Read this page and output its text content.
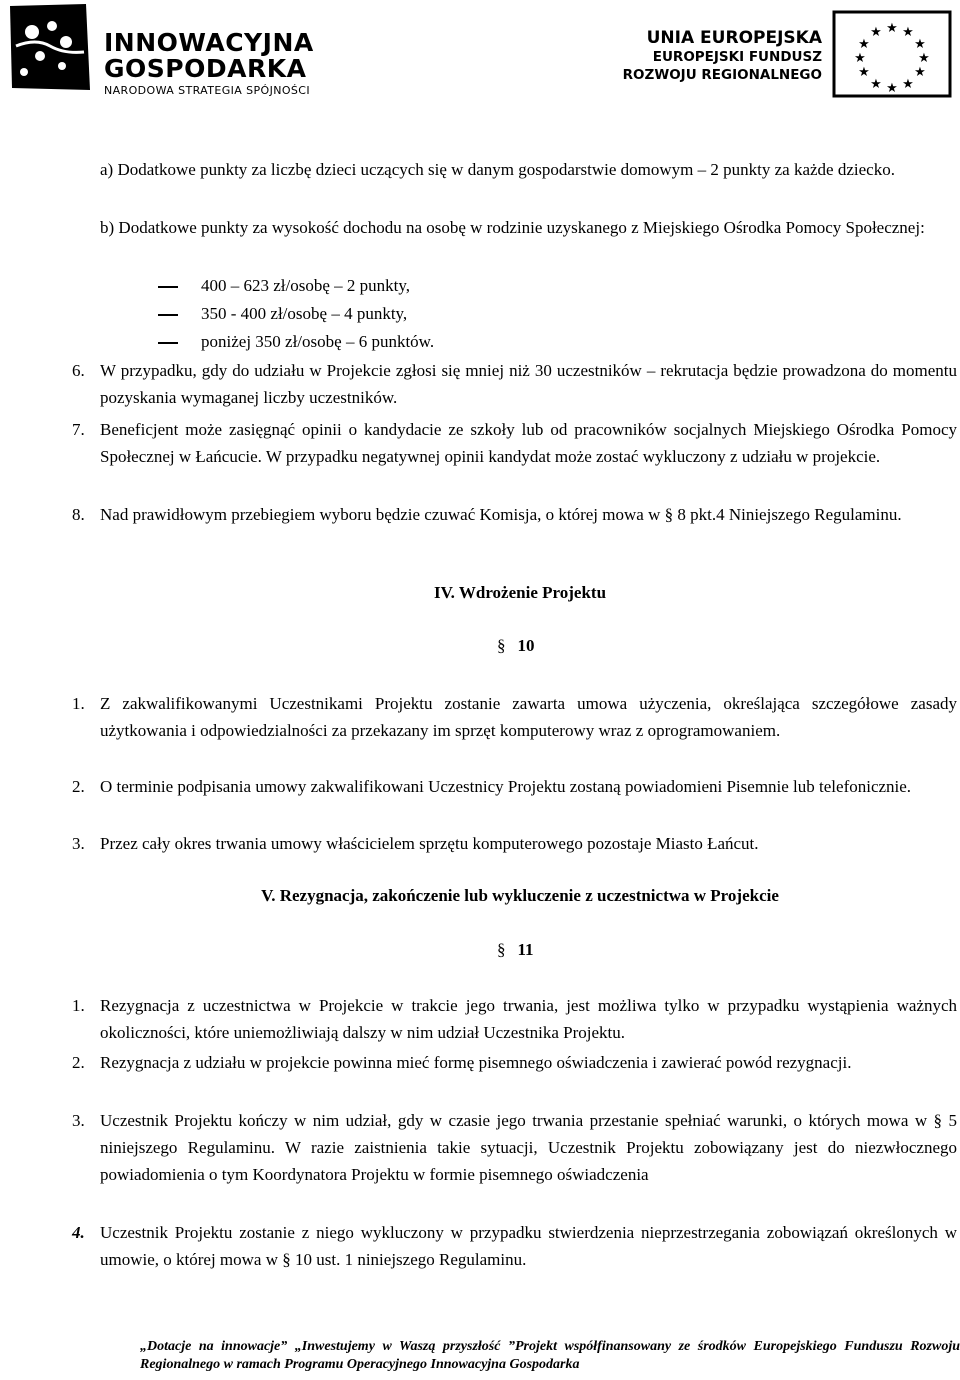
INNOWACYJNA
GOSPODARKA
NARODOWA STRATEGIA SPÓJNOŚCI
UNIA EUROPEJSKA
EUROPEJSKI FUNDUSZ
ROZWOJU REGIONALNEGO
★ ★
★
★
★
★
★
★
★
★
★
★
a) Dodatkowe punkty za liczbę dzieci uczących się w danym gospodarstwie domowym – 2 punkty za każde dziecko.
b) Dodatkowe punkty za wysokość dochodu na osobę w rodzinie uzyskanego z Miejskiego Ośrodka Pomocy Społecznej:
400 – 623 zł/osobę – 2 punkty,
350 - 400 zł/osobę – 4 punkty,
poniżej 350 zł/osobę – 6 punktów.
6. W przypadku, gdy do udziału w Projekcie zgłosi się mniej niż 30 uczestników – rekrutacja będzie prowadzona do momentu pozyskania wymaganej liczby uczestników.
7. Beneficjent może zasięgnąć opinii o kandydacie ze szkoły lub od pracowników socjalnych Miejskiego Ośrodka Pomocy Społecznej w Łańcucie. W przypadku negatywnej opinii kandydat może zostać wykluczony z udziału w projekcie.
8. Nad prawidłowym przebiegiem wyboru będzie czuwać Komisja, o której mowa w § 8 pkt.4 Niniejszego Regulaminu.
IV. Wdrożenie Projektu
§ 10
1. Z zakwalifikowanymi Uczestnikami Projektu zostanie zawarta umowa użyczenia, określająca szczegółowe zasady użytkowania i odpowiedzialności za przekazany im sprzęt komputerowy wraz z oprogramowaniem.
2. O terminie podpisania umowy zakwalifikowani Uczestnicy Projektu zostaną powiadomieni Pisemnie lub telefonicznie.
3. Przez cały okres trwania umowy właścicielem sprzętu komputerowego pozostaje Miasto Łańcut.
V. Rezygnacja, zakończenie lub wykluczenie z uczestnictwa w Projekcie
§ 11
1. Rezygnacja z uczestnictwa w Projekcie w trakcie jego trwania, jest możliwa tylko w przypadku wystąpienia ważnych okoliczności, które uniemożliwiają dalszy w nim udział Uczestnika Projektu.
2. Rezygnacja z udziału w projekcie powinna mieć formę pisemnego oświadczenia i zawierać powód rezygnacji.
3. Uczestnik Projektu kończy w nim udział, gdy w czasie jego trwania przestanie spełniać warunki, o których mowa w § 5 niniejszego Regulaminu. W razie zaistnienia takie sytuacji, Uczestnik Projektu zobowiązany jest do niezwłocznego powiadomienia o tym Koordynatora Projektu w formie pisemnego oświadczenia
4. Uczestnik Projektu zostanie z niego wykluczony w przypadku stwierdzenia nieprzestrzegania zobowiązań określonych w umowie, o której mowa w § 10 ust. 1 niniejszego Regulaminu.
„Dotacje na innowacje” „Inwestujemy w Waszą przyszłość ”Projekt współfinansowany ze środków Europejskiego Funduszu Rozwoju Regionalnego w ramach Programu Operacyjnego Innowacyjna Gospodarka
